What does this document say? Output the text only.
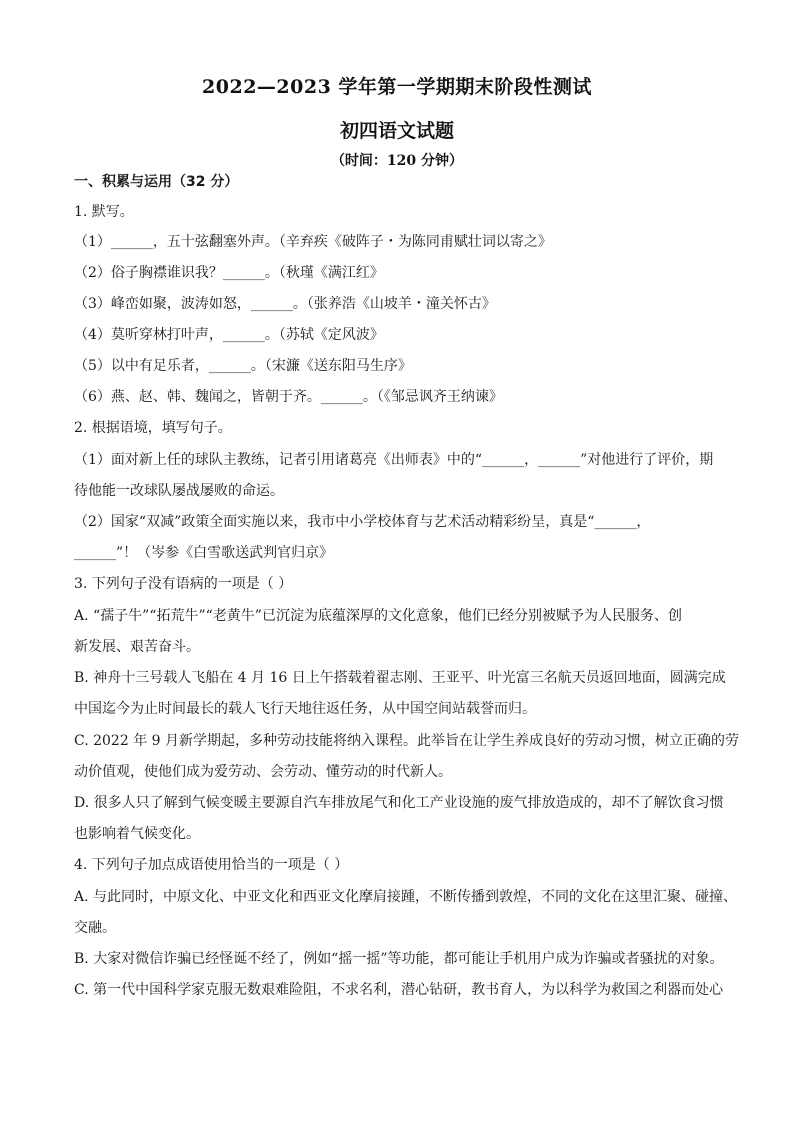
2022—2023 学年第一学期期末阶段性测试
初四语文试题
（时间：120 分钟）
一、积累与运用（32 分）
1. 默写。
（1）______，五十弦翻塞外声。（辛弃疾《破阵子・为陈同甫赋壮词以寄之》
（2）俗子胸襟谁识我？______。（秋瑾《满江红》
（3）峰峦如聚，波涛如怒，______。（张养浩《山坡羊・潼关怀古》
（4）莫听穿林打叶声，______。（苏轼《定风波》
（5）以中有足乐者，______。（宋濂《送东阳马生序》
（6）燕、赵、韩、魏闻之，皆朝于齐。______。（《邹忌讽齐王纳谏》
2. 根据语境，填写句子。
（1）面对新上任的球队主教练，记者引用诸葛亮《出师表》中的“______，______”对他进行了评价，期
待他能一改球队屡战屡败的命运。
（2）国家“双减”政策全面实施以来，我市中小学校体育与艺术活动精彩纷呈，真是“______，
______”！（岑参《白雪歌送武判官归京》
3. 下列句子没有语病的一项是（ ）
A. “孺子牛”“拓荒牛”“老黄牛”已沉淀为底蕴深厚的文化意象，他们已经分别被赋予为人民服务、创
新发展、艰苦奋斗。
B. 神舟十三号载人飞船在 4 月 16 日上午搭载着翟志刚、王亚平、叶光富三名航天员返回地面，圆满完成
中国迄今为止时间最长的载人飞行天地往返任务，从中国空间站载誉而归。
C. 2022 年 9 月新学期起，多种劳动技能将纳入课程。此举旨在让学生养成良好的劳动习惯，树立正确的劳
动价值观，使他们成为爱劳动、会劳动、懂劳动的时代新人。
D. 很多人只了解到气候变暖主要源自汽车排放尾气和化工产业设施的废气排放造成的，却不了解饮食习惯
也影响着气候变化。
4. 下列句子加点成语使用恰当的一项是（ ）
A. 与此同时，中原文化、中亚文化和西亚文化摩肩接踵，不断传播到敦煌，不同的文化在这里汇聚、碰撞、
交融。
B. 大家对微信诈骗已经怪诞不经了，例如“摇一摇”等功能，都可能让手机用户成为诈骗或者骚扰的对象。
C. 第一代中国科学家克服无数艰难险阻，不求名利，潜心钻研，教书育人，为以科学为救国之利器而处心
